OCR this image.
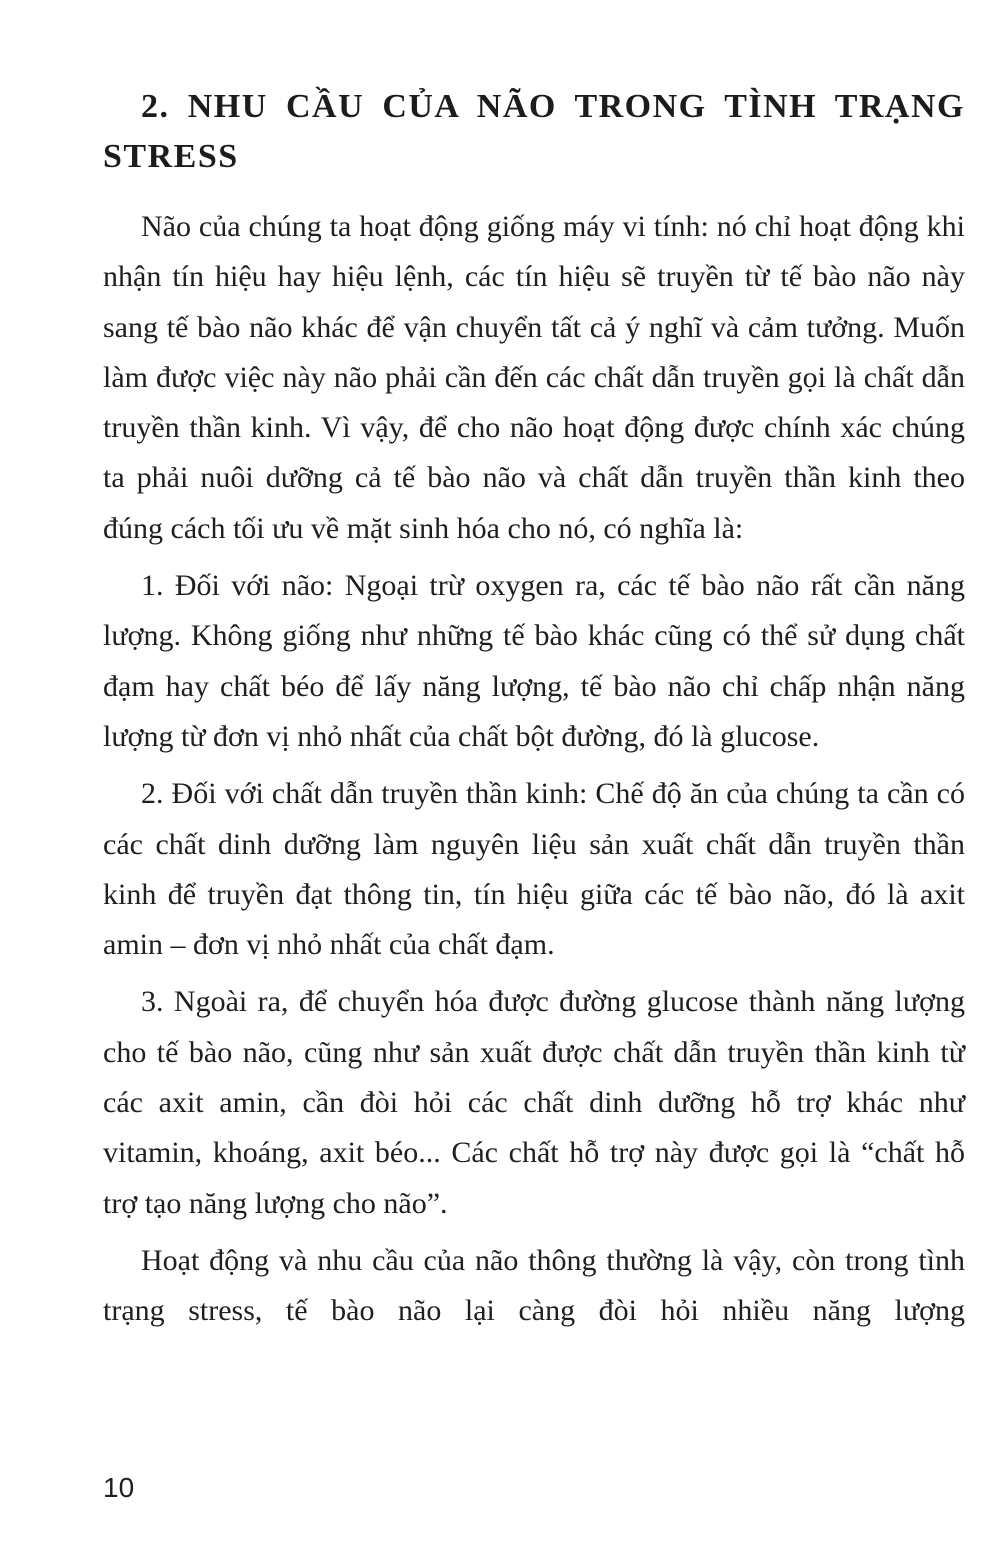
2. NHU CẦU CỦA NÃO TRONG TÌNH TRẠNG STRESS

Não của chúng ta hoạt động giống máy vi tính: nó chỉ hoạt động khi nhận tín hiệu hay hiệu lệnh, các tín hiệu sẽ truyền từ tế bào não này sang tế bào não khác để vận chuyển tất cả ý nghĩ và cảm tưởng. Muốn làm được việc này não phải cần đến các chất dẫn truyền gọi là chất dẫn truyền thần kinh. Vì vậy, để cho não hoạt động được chính xác chúng ta phải nuôi dưỡng cả tế bào não và chất dẫn truyền thần kinh theo đúng cách tối ưu về mặt sinh hóa cho nó, có nghĩa là:

1. Đối với não: Ngoại trừ oxygen ra, các tế bào não rất cần năng lượng. Không giống như những tế bào khác cũng có thể sử dụng chất đạm hay chất béo để lấy năng lượng, tế bào não chỉ chấp nhận năng lượng từ đơn vị nhỏ nhất của chất bột đường, đó là glucose.

2. Đối với chất dẫn truyền thần kinh: Chế độ ăn của chúng ta cần có các chất dinh dưỡng làm nguyên liệu sản xuất chất dẫn truyền thần kinh để truyền đạt thông tin, tín hiệu giữa các tế bào não, đó là axit amin – đơn vị nhỏ nhất của chất đạm.

3. Ngoài ra, để chuyển hóa được đường glucose thành năng lượng cho tế bào não, cũng như sản xuất được chất dẫn truyền thần kinh từ các axit amin, cần đòi hỏi các chất dinh dưỡng hỗ trợ khác như vitamin, khoáng, axit béo... Các chất hỗ trợ này được gọi là “chất hỗ trợ tạo năng lượng cho não”.

Hoạt động và nhu cầu của não thông thường là vậy, còn trong tình trạng stress, tế bào não lại càng đòi hỏi nhiều năng lượng

10
